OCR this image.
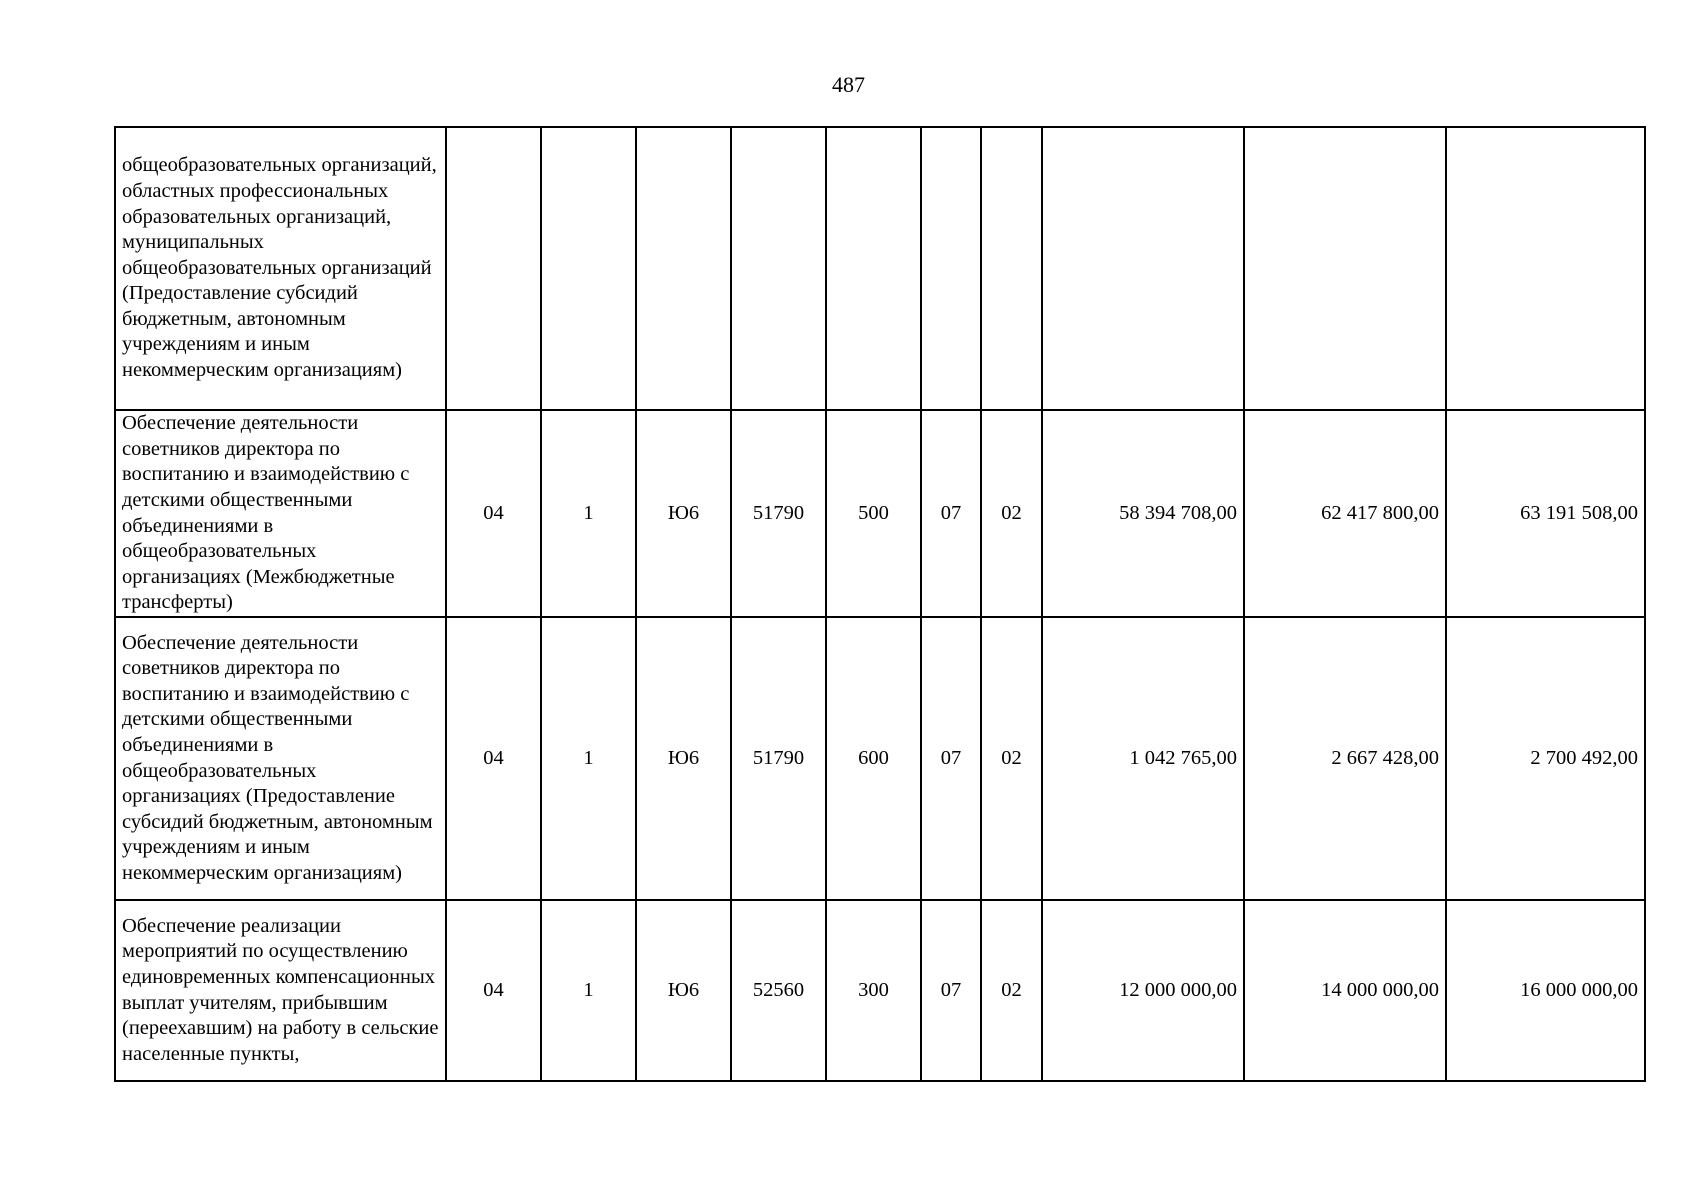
487
общеобразовательных организаций, областных профессиональных образовательных организаций, муниципальных общеобразовательных организаций (Предоставление субсидий бюджетным, автономным учреждениям и иным некоммерческим организациям)										
Обеспечение деятельности советников директора по воспитанию и взаимодействию с детскими общественными объединениями в общеобразовательных организациях (Межбюджетные трансферты)	04	1	Ю6	51790	500	07	02	58 394 708,00	62 417 800,00	63 191 508,00
Обеспечение деятельности советников директора по воспитанию и взаимодействию с детскими общественными объединениями в общеобразовательных организациях (Предоставление субсидий бюджетным, автономным учреждениям и иным некоммерческим организациям)	04	1	Ю6	51790	600	07	02	1 042 765,00	2 667 428,00	2 700 492,00
Обеспечение реализации мероприятий по осуществлению единовременных компенсационных выплат учителям, прибывшим (переехавшим) на работу в сельские населенные пункты,	04	1	Ю6	52560	300	07	02	12 000 000,00	14 000 000,00	16 000 000,00
